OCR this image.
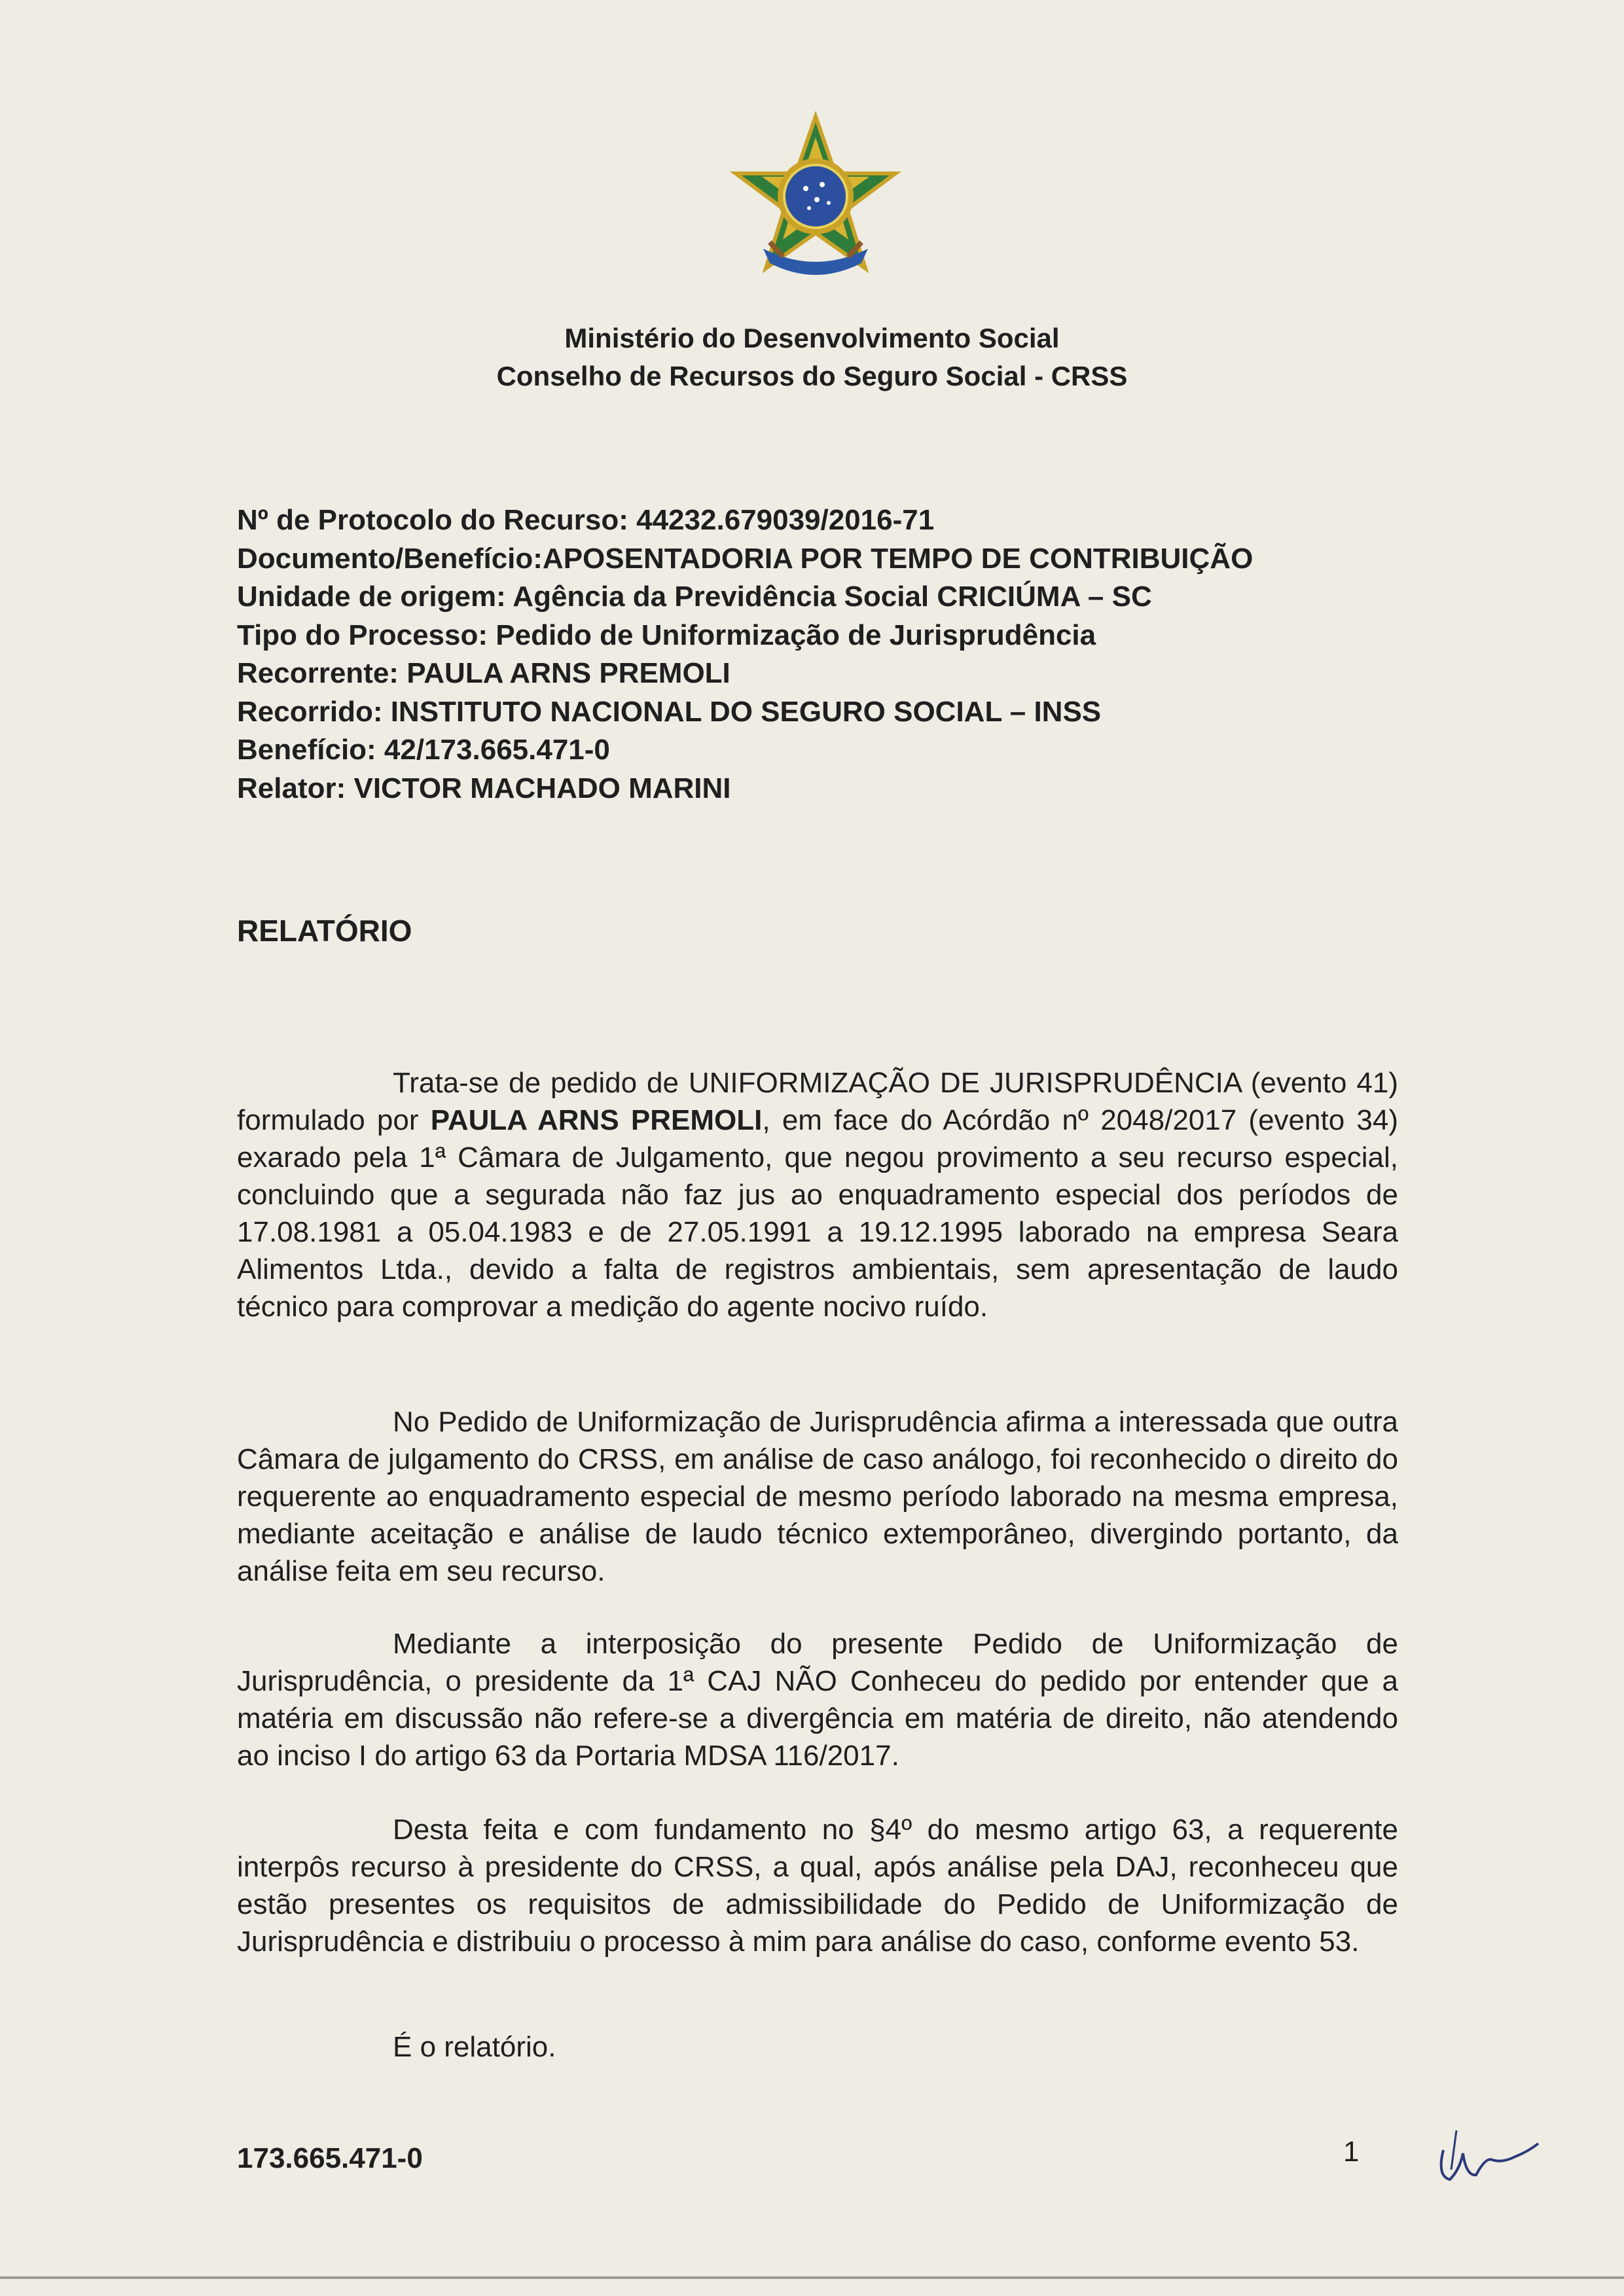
Ministério do Desenvolvimento Social
Conselho de Recursos do Seguro Social - CRSS
Nº de Protocolo do Recurso: 44232.679039/2016-71
Documento/Benefício:APOSENTADORIA POR TEMPO DE CONTRIBUIÇÃO
Unidade de origem: Agência da Previdência Social CRICIÚMA – SC
Tipo do Processo: Pedido de Uniformização de Jurisprudência
Recorrente: PAULA ARNS PREMOLI
Recorrido: INSTITUTO NACIONAL DO SEGURO SOCIAL – INSS
Benefício: 42/173.665.471-0
Relator: VICTOR MACHADO MARINI
RELATÓRIO
Trata-se de pedido de UNIFORMIZAÇÃO DE JURISPRUDÊNCIA (evento 41) formulado por PAULA ARNS PREMOLI, em face do Acórdão nº 2048/2017 (evento 34) exarado pela 1ª Câmara de Julgamento, que negou provimento a seu recurso especial, concluindo que a segurada não faz jus ao enquadramento especial dos períodos de 17.08.1981 a 05.04.1983 e de 27.05.1991 a 19.12.1995 laborado na empresa Seara Alimentos Ltda., devido a falta de registros ambientais, sem apresentação de laudo técnico para comprovar a medição do agente nocivo ruído.
No Pedido de Uniformização de Jurisprudência afirma a interessada que outra Câmara de julgamento do CRSS, em análise de caso análogo, foi reconhecido o direito do requerente ao enquadramento especial de mesmo período laborado na mesma empresa, mediante aceitação e análise de laudo técnico extemporâneo, divergindo portanto, da análise feita em seu recurso.
Mediante a interposição do presente Pedido de Uniformização de Jurisprudência, o presidente da 1ª CAJ NÃO Conheceu do pedido por entender que a matéria em discussão não refere-se a divergência em matéria de direito, não atendendo ao inciso I do artigo 63 da Portaria MDSA 116/2017.
Desta feita e com fundamento no §4º do mesmo artigo 63, a requerente interpôs recurso à presidente do CRSS, a qual, após análise pela DAJ, reconheceu que estão presentes os requisitos de admissibilidade do Pedido de Uniformização de Jurisprudência e distribuiu o processo à mim para análise do caso, conforme evento 53.
É o relatório.
173.665.471-0	1
